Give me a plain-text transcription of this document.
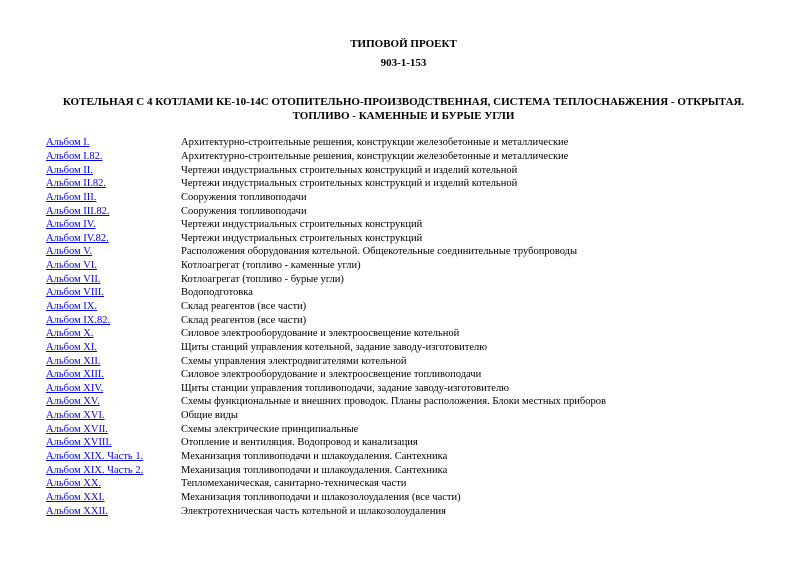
ТИПОВОЙ ПРОЕКТ
903-1-153
КОТЕЛЬНАЯ С 4 КОТЛАМИ КЕ-10-14С ОТОПИТЕЛЬНО-ПРОИЗВОДСТВЕННАЯ, СИСТЕМА ТЕПЛОСНАБЖЕНИЯ - ОТКРЫТАЯ.
ТОПЛИВО - КАМЕННЫЕ И БУРЫЕ УГЛИ
Альбом I.	Архитектурно-строительные решения, конструкции железобетонные и металлические
Альбом I.82.	Архитектурно-строительные решения, конструкции железобетонные и металлические
Альбом II.	Чертежи индустриальных строительных конструкций и изделий котельной
Альбом II.82.	Чертежи индустриальных строительных конструкций и изделий котельной
Альбом III.	Сооружения топливоподачи
Альбом III.82.	Сооружения топливоподачи
Альбом IV.	Чертежи индустриальных строительных конструкций
Альбом IV.82.	Чертежи индустриальных строительных конструкций
Альбом V.	Расположения оборудования котельной. Общекотельные соединительные трубопроводы
Альбом VI.	Котлоагрегат (топливо - каменные угли)
Альбом VII.	Котлоагрегат (топливо - бурые угли)
Альбом VIII.	Водоподготовка
Альбом IX.	Склад реагентов (все части)
Альбом IX.82.	Склад реагентов (все части)
Альбом X.	Силовое электрооборудование и электроосвещение котельной
Альбом XI.	Щиты станций управления котельной, задание заводу-изготовителю
Альбом XII.	Схемы управления электродвигателями котельной
Альбом XIII.	Силовое электрооборудование и электроосвещение топливоподачи
Альбом XIV.	Щиты станции управления топливоподачи, задание заводу-изготовителю
Альбом XV.	Схемы функциональные и внешних проводок. Планы расположения. Блоки местных приборов
Альбом XVI.	Общие виды
Альбом XVII.	Схемы электрические принципиальные
Альбом XVIII.	Отопление и вентиляция. Водопровод и канализация
Альбом XIX. Часть 1.	Механизация топливоподачи и шлакоудаления. Сантехника
Альбом XIX. Часть 2.	Механизация топливоподачи и шлакоудаления. Сантехника
Альбом XX.	Тепломеханическая, санитарно-техническая части
Альбом XXI.	Механизация топливоподачи и шлакозолоудаления (все части)
Альбом XXII.	Электротехническая часть котельной и шлакозолоудаления
